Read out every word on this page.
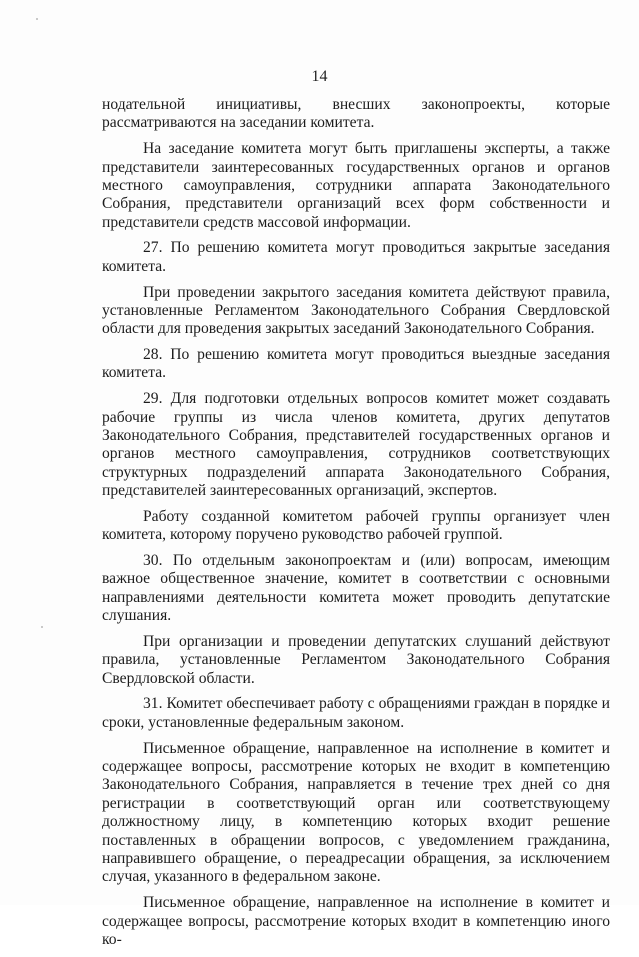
14

нодательной инициативы, внесших законопроекты, которые рассматриваются на заседании комитета.

На заседание комитета могут быть приглашены эксперты, а также представители заинтересованных государственных органов и органов местного самоуправления, сотрудники аппарата Законодательного Собрания, представители организаций всех форм собственности и представители средств массовой информации.

27. По решению комитета могут проводиться закрытые заседания комитета.

При проведении закрытого заседания комитета действуют правила, установленные Регламентом Законодательного Собрания Свердловской области для проведения закрытых заседаний Законодательного Собрания.

28. По решению комитета могут проводиться выездные заседания комитета.

29. Для подготовки отдельных вопросов комитет может создавать рабочие группы из числа членов комитета, других депутатов Законодательного Собрания, представителей государственных органов и органов местного самоуправления, сотрудников соответствующих структурных подразделений аппарата Законодательного Собрания, представителей заинтересованных организаций, экспертов.

Работу созданной комитетом рабочей группы организует член комитета, которому поручено руководство рабочей группой.

30. По отдельным законопроектам и (или) вопросам, имеющим важное общественное значение, комитет в соответствии с основными направлениями деятельности комитета может проводить депутатские слушания.

При организации и проведении депутатских слушаний действуют правила, установленные Регламентом Законодательного Собрания Свердловской области.

31. Комитет обеспечивает работу с обращениями граждан в порядке и сроки, установленные федеральным законом.

Письменное обращение, направленное на исполнение в комитет и содержащее вопросы, рассмотрение которых не входит в компетенцию Законодательного Собрания, направляется в течение трех дней со дня регистрации в соответствующий орган или соответствующему должностному лицу, в компетенцию которых входит решение поставленных в обращении вопросов, с уведомлением гражданина, направившего обращение, о переадресации обращения, за исключением случая, указанного в федеральном законе.

Письменное обращение, направленное на исполнение в комитет и содержащее вопросы, рассмотрение которых входит в компетенцию иного ко-
